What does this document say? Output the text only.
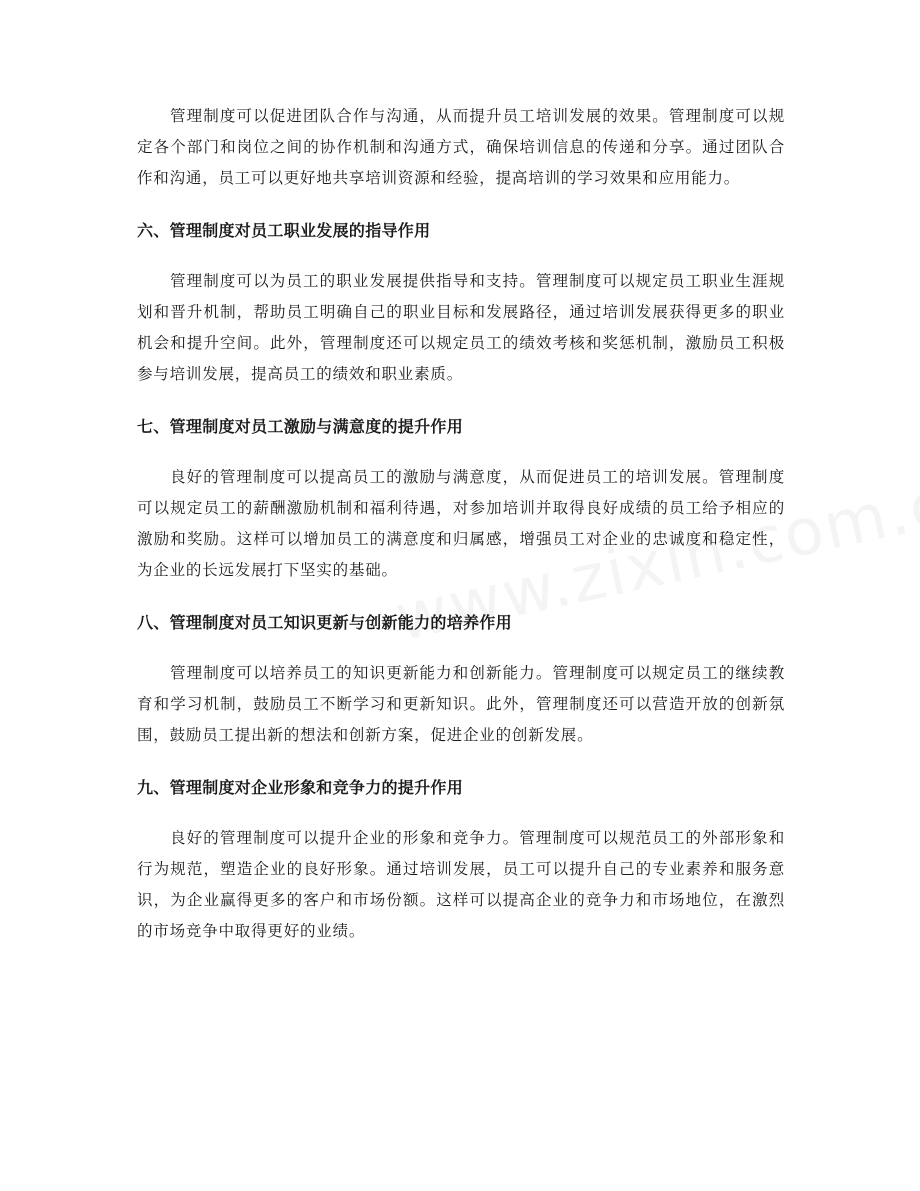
管理制度可以促进团队合作与沟通，从而提升员工培训发展的效果。管理制度可以规定各个部门和岗位之间的协作机制和沟通方式，确保培训信息的传递和分享。通过团队合作和沟通，员工可以更好地共享培训资源和经验，提高培训的学习效果和应用能力。

六、管理制度对员工职业发展的指导作用

管理制度可以为员工的职业发展提供指导和支持。管理制度可以规定员工职业生涯规划和晋升机制，帮助员工明确自己的职业目标和发展路径，通过培训发展获得更多的职业机会和提升空间。此外，管理制度还可以规定员工的绩效考核和奖惩机制，激励员工积极参与培训发展，提高员工的绩效和职业素质。

七、管理制度对员工激励与满意度的提升作用

良好的管理制度可以提高员工的激励与满意度，从而促进员工的培训发展。管理制度可以规定员工的薪酬激励机制和福利待遇，对参加培训并取得良好成绩的员工给予相应的激励和奖励。这样可以增加员工的满意度和归属感，增强员工对企业的忠诚度和稳定性，为企业的长远发展打下坚实的基础。

八、管理制度对员工知识更新与创新能力的培养作用

管理制度可以培养员工的知识更新能力和创新能力。管理制度可以规定员工的继续教育和学习机制，鼓励员工不断学习和更新知识。此外，管理制度还可以营造开放的创新氛围，鼓励员工提出新的想法和创新方案，促进企业的创新发展。

九、管理制度对企业形象和竞争力的提升作用

良好的管理制度可以提升企业的形象和竞争力。管理制度可以规范员工的外部形象和行为规范，塑造企业的良好形象。通过培训发展，员工可以提升自己的专业素养和服务意识，为企业赢得更多的客户和市场份额。这样可以提高企业的竞争力和市场地位，在激烈的市场竞争中取得更好的业绩。
